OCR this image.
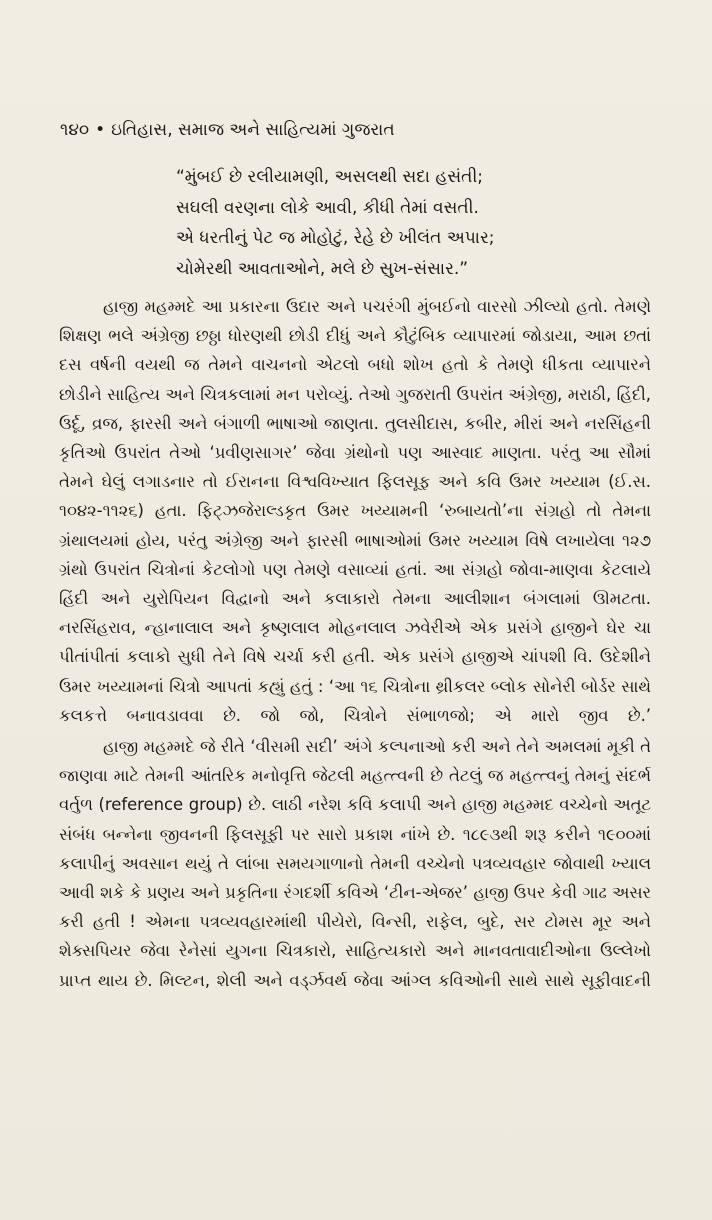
૧૪૦ • ઇતિહાસ, સમાજ અને સાહિત્યમાં ગુજરાત
“મુંબઈ છે રલીયામણી, અસલથી સદા હસંતી;
સઘલી વરણના લોકે આવી, કીધી તેમાં વસતી.
એ ધરતીનું પેટ જ મોહોટું, રેહે છે ખીલંત અપાર;
ચોમેરથી આવતાઓને, મલે છે સુખ-સંસાર.”

હાજી મહમ્મદે આ પ્રકારના ઉદાર અને પચરંગી મુંબઈનો વારસો ઝીલ્યો હતો. તેમણે શિક્ષણ ભલે અંગ્રેજી છઠ્ઠા ધોરણથી છોડી દીધું અને કૌટુંબિક વ્યાપારમાં જોડાયા, આમ છતાં દસ વર્ષની વયથી જ તેમને વાચનનો એટલો બધો શોખ હતો કે તેમણે ધીકતા વ્યાપારને છોડીને સાહિત્ય અને ચિત્રકલામાં મન પરોવ્યું. તેઓ ગુજરાતી ઉપરાંત અંગ્રેજી, મરાઠી, હિંદી, ઉર્દૂ, વ્રજ, ફારસી અને બંગાળી ભાષાઓ જાણતા. તુલસીદાસ, કબીર, મીરાં અને નરસિંહની કૃતિઓ ઉપરાંત તેઓ ‘પ્રવીણસાગર’ જેવા ગ્રંથોનો પણ આસ્વાદ માણતા. પરંતુ આ સૌમાં તેમને ઘેલું લગાડનાર તો ઈરાનના વિશ્વવિખ્યાત ફિલસૂફ અને કવિ ઉમર ખય્યામ (ઈ.સ. ૧૦૪૨-૧૧૨૬) હતા. ફિટ્ઝજેરાલ્ડકૃત ઉમર ખય્યામની ‘રુબાયતો’ના સંગ્રહો તો તેમના ગ્રંથાલયમાં હોય, પરંતુ અંગ્રેજી અને ફારસી ભાષાઓમાં ઉમર ખય્યામ વિષે લખાયેલા ૧૨૭ ગ્રંથો ઉપરાંત ચિત્રોનાં કેટલોગો પણ તેમણે વસાવ્યાં હતાં. આ સંગ્રહો જોવા-માણવા કેટલાયે હિંદી અને યુરોપિયન વિદ્વાનો અને કલાકારો તેમના આલીશાન બંગલામાં ઊમટતા. નરસિંહરાવ, ન્હાનાલાલ અને કૃષ્ણલાલ મોહનલાલ ઝવેરીએ એક પ્રસંગે હાજીને ઘેર ચા પીતાંપીતાં કલાકો સુધી તેને વિષે ચર્ચા કરી હતી. એક પ્રસંગે હાજીએ ચાંપશી વિ. ઉદેશીને ઉમર ખય્યામનાં ચિત્રો આપતાં કહ્યું હતું : ‘આ ૧૬ ચિત્રોના થ્રીકલર બ્લોક સોનેરી બોર્ડર સાથે કલકત્તે બનાવડાવવા છે. જો જો, ચિત્રોને સંભાળજો; એ મારો જીવ છે.’

હાજી મહમ્મદે જે રીતે ‘વીસમી સદી’ અંગે કલ્પનાઓ કરી અને તેને અમલમાં મૂકી તે જાણવા માટે તેમની આંતરિક મનોવૃત્તિ જેટલી મહત્ત્વની છે તેટલું જ મહત્ત્વનું તેમનું સંદર્ભ વર્તુળ (reference group) છે. લાઠી નરેશ કવિ કલાપી અને હાજી મહમ્મદ વચ્ચેનો અતૂટ સંબંધ બન્નેના જીવનની ફિલસૂફી પર સારો પ્રકાશ નાંખે છે. ૧૮૯૩થી શરૂ કરીને ૧૯૦૦માં કલાપીનું અવસાન થયું તે લાંબા સમયગાળાનો તેમની વચ્ચેનો પત્રવ્યવહાર જોવાથી ખ્યાલ આવી શકે કે પ્રણય અને પ્રકૃતિના રંગદર્શી કવિએ ‘ટીન-એજર’ હાજી ઉપર કેવી ગાઢ અસર કરી હતી ! એમના પત્રવ્યવહારમાંથી પીયેરો, વિન્સી, રાફેલ, બુદે, સર ટોમસ મૂર અને શેક્સપિયર જેવા રેનેસાં યુગના ચિત્રકારો, સાહિત્યકારો અને માનવતાવાદીઓના ઉલ્લેખો પ્રાપ્ત થાય છે. મિલ્ટન, શેલી અને વર્ડ્ઝવર્થ જેવા આંગ્લ કવિઓની સાથે સાથે સૂફીવાદની
